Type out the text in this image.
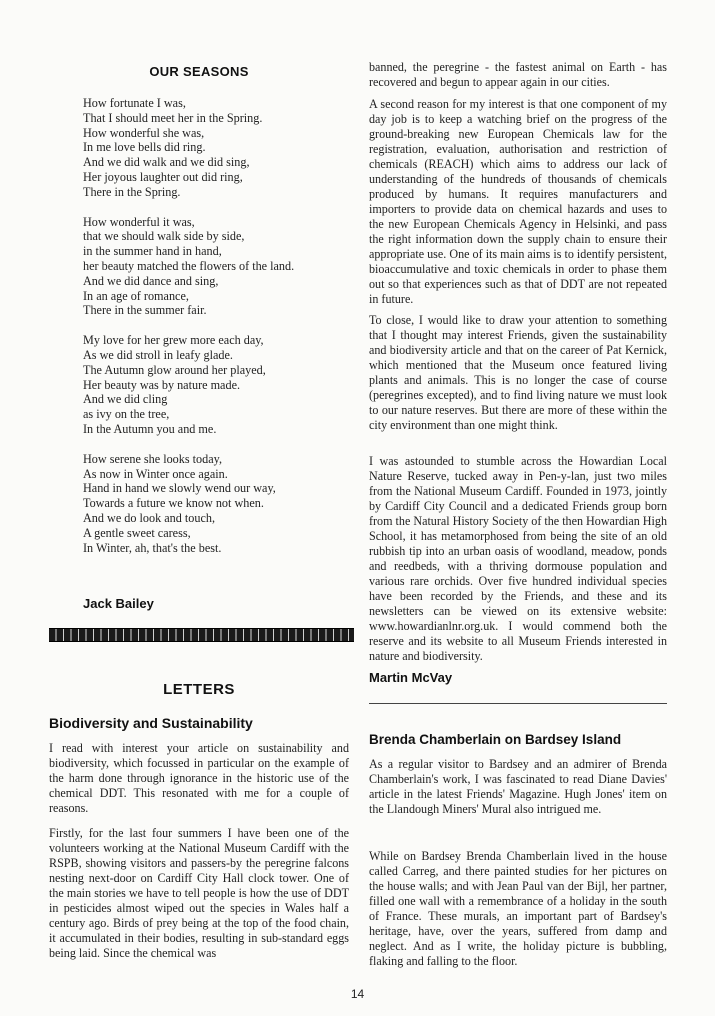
OUR SEASONS
How fortunate I was,
That I should meet her in the Spring.
How wonderful she was,
In me love bells did ring.
And we did walk and we did sing,
Her joyous laughter out did ring,
There in the Spring.
How wonderful it was,
that we should walk side by side,
in the summer hand in hand,
her beauty matched the flowers of the land.
And we did dance and sing,
In an age of romance,
There in the summer fair.
My love for her grew more each day,
As we did stroll in leafy glade.
The Autumn glow around her played,
Her beauty was by nature made.
And we did cling
as ivy on the tree,
In the Autumn you and me.
How serene she looks today,
As now in Winter once again.
Hand in hand we slowly wend our way,
Towards a future we know not when.
And we do look and touch,
A gentle sweet caress,
In Winter, ah, that's the best.
Jack Bailey
LETTERS
Biodiversity and Sustainability
I read with interest your article on sustainability and biodiversity, which focussed in particular on the example of the harm done through ignorance in the historic use of the chemical DDT. This resonated with me for a couple of reasons.
Firstly, for the last four summers I have been one of the volunteers working at the National Museum Cardiff with the RSPB, showing visitors and passers-by the peregrine falcons nesting next-door on Cardiff City Hall clock tower. One of the main stories we have to tell people is how the use of DDT in pesticides almost wiped out the species in Wales half a century ago. Birds of prey being at the top of the food chain, it accumulated in their bodies, resulting in sub-standard eggs being laid. Since the chemical was
banned, the peregrine - the fastest animal on Earth - has recovered and begun to appear again in our cities.
A second reason for my interest is that one component of my day job is to keep a watching brief on the progress of the ground-breaking new European Chemicals law for the registration, evaluation, authorisation and restriction of chemicals (REACH) which aims to address our lack of understanding of the hundreds of thousands of chemicals produced by humans. It requires manufacturers and importers to provide data on chemical hazards and uses to the new European Chemicals Agency in Helsinki, and pass the right information down the supply chain to ensure their appropriate use. One of its main aims is to identify persistent, bioaccumulative and toxic chemicals in order to phase them out so that experiences such as that of DDT are not repeated in future.
To close, I would like to draw your attention to something that I thought may interest Friends, given the sustainability and biodiversity article and that on the career of Pat Kernick, which mentioned that the Museum once featured living plants and animals. This is no longer the case of course (peregrines excepted), and to find living nature we must look to our nature reserves. But there are more of these within the city environment than one might think.
I was astounded to stumble across the Howardian Local Nature Reserve, tucked away in Pen-y-lan, just two miles from the National Museum Cardiff. Founded in 1973, jointly by Cardiff City Council and a dedicated Friends group born from the Natural History Society of the then Howardian High School, it has metamorphosed from being the site of an old rubbish tip into an urban oasis of woodland, meadow, ponds and reedbeds, with a thriving dormouse population and various rare orchids. Over five hundred individual species have been recorded by the Friends, and these and its newsletters can be viewed on its extensive website: www.howardianlnr.org.uk. I would commend both the reserve and its website to all Museum Friends interested in nature and biodiversity.
Martin McVay
Brenda Chamberlain on Bardsey Island
As a regular visitor to Bardsey and an admirer of Brenda Chamberlain's work, I was fascinated to read Diane Davies' article in the latest Friends' Magazine. Hugh Jones' item on the Llandough Miners' Mural also intrigued me.
While on Bardsey Brenda Chamberlain lived in the house called Carreg, and there painted studies for her pictures on the house walls; and with Jean Paul van der Bijl, her partner, filled one wall with a remembrance of a holiday in the south of France. These murals, an important part of Bardsey's heritage, have, over the years, suffered from damp and neglect. And as I write, the holiday picture is bubbling, flaking and falling to the floor.
14
